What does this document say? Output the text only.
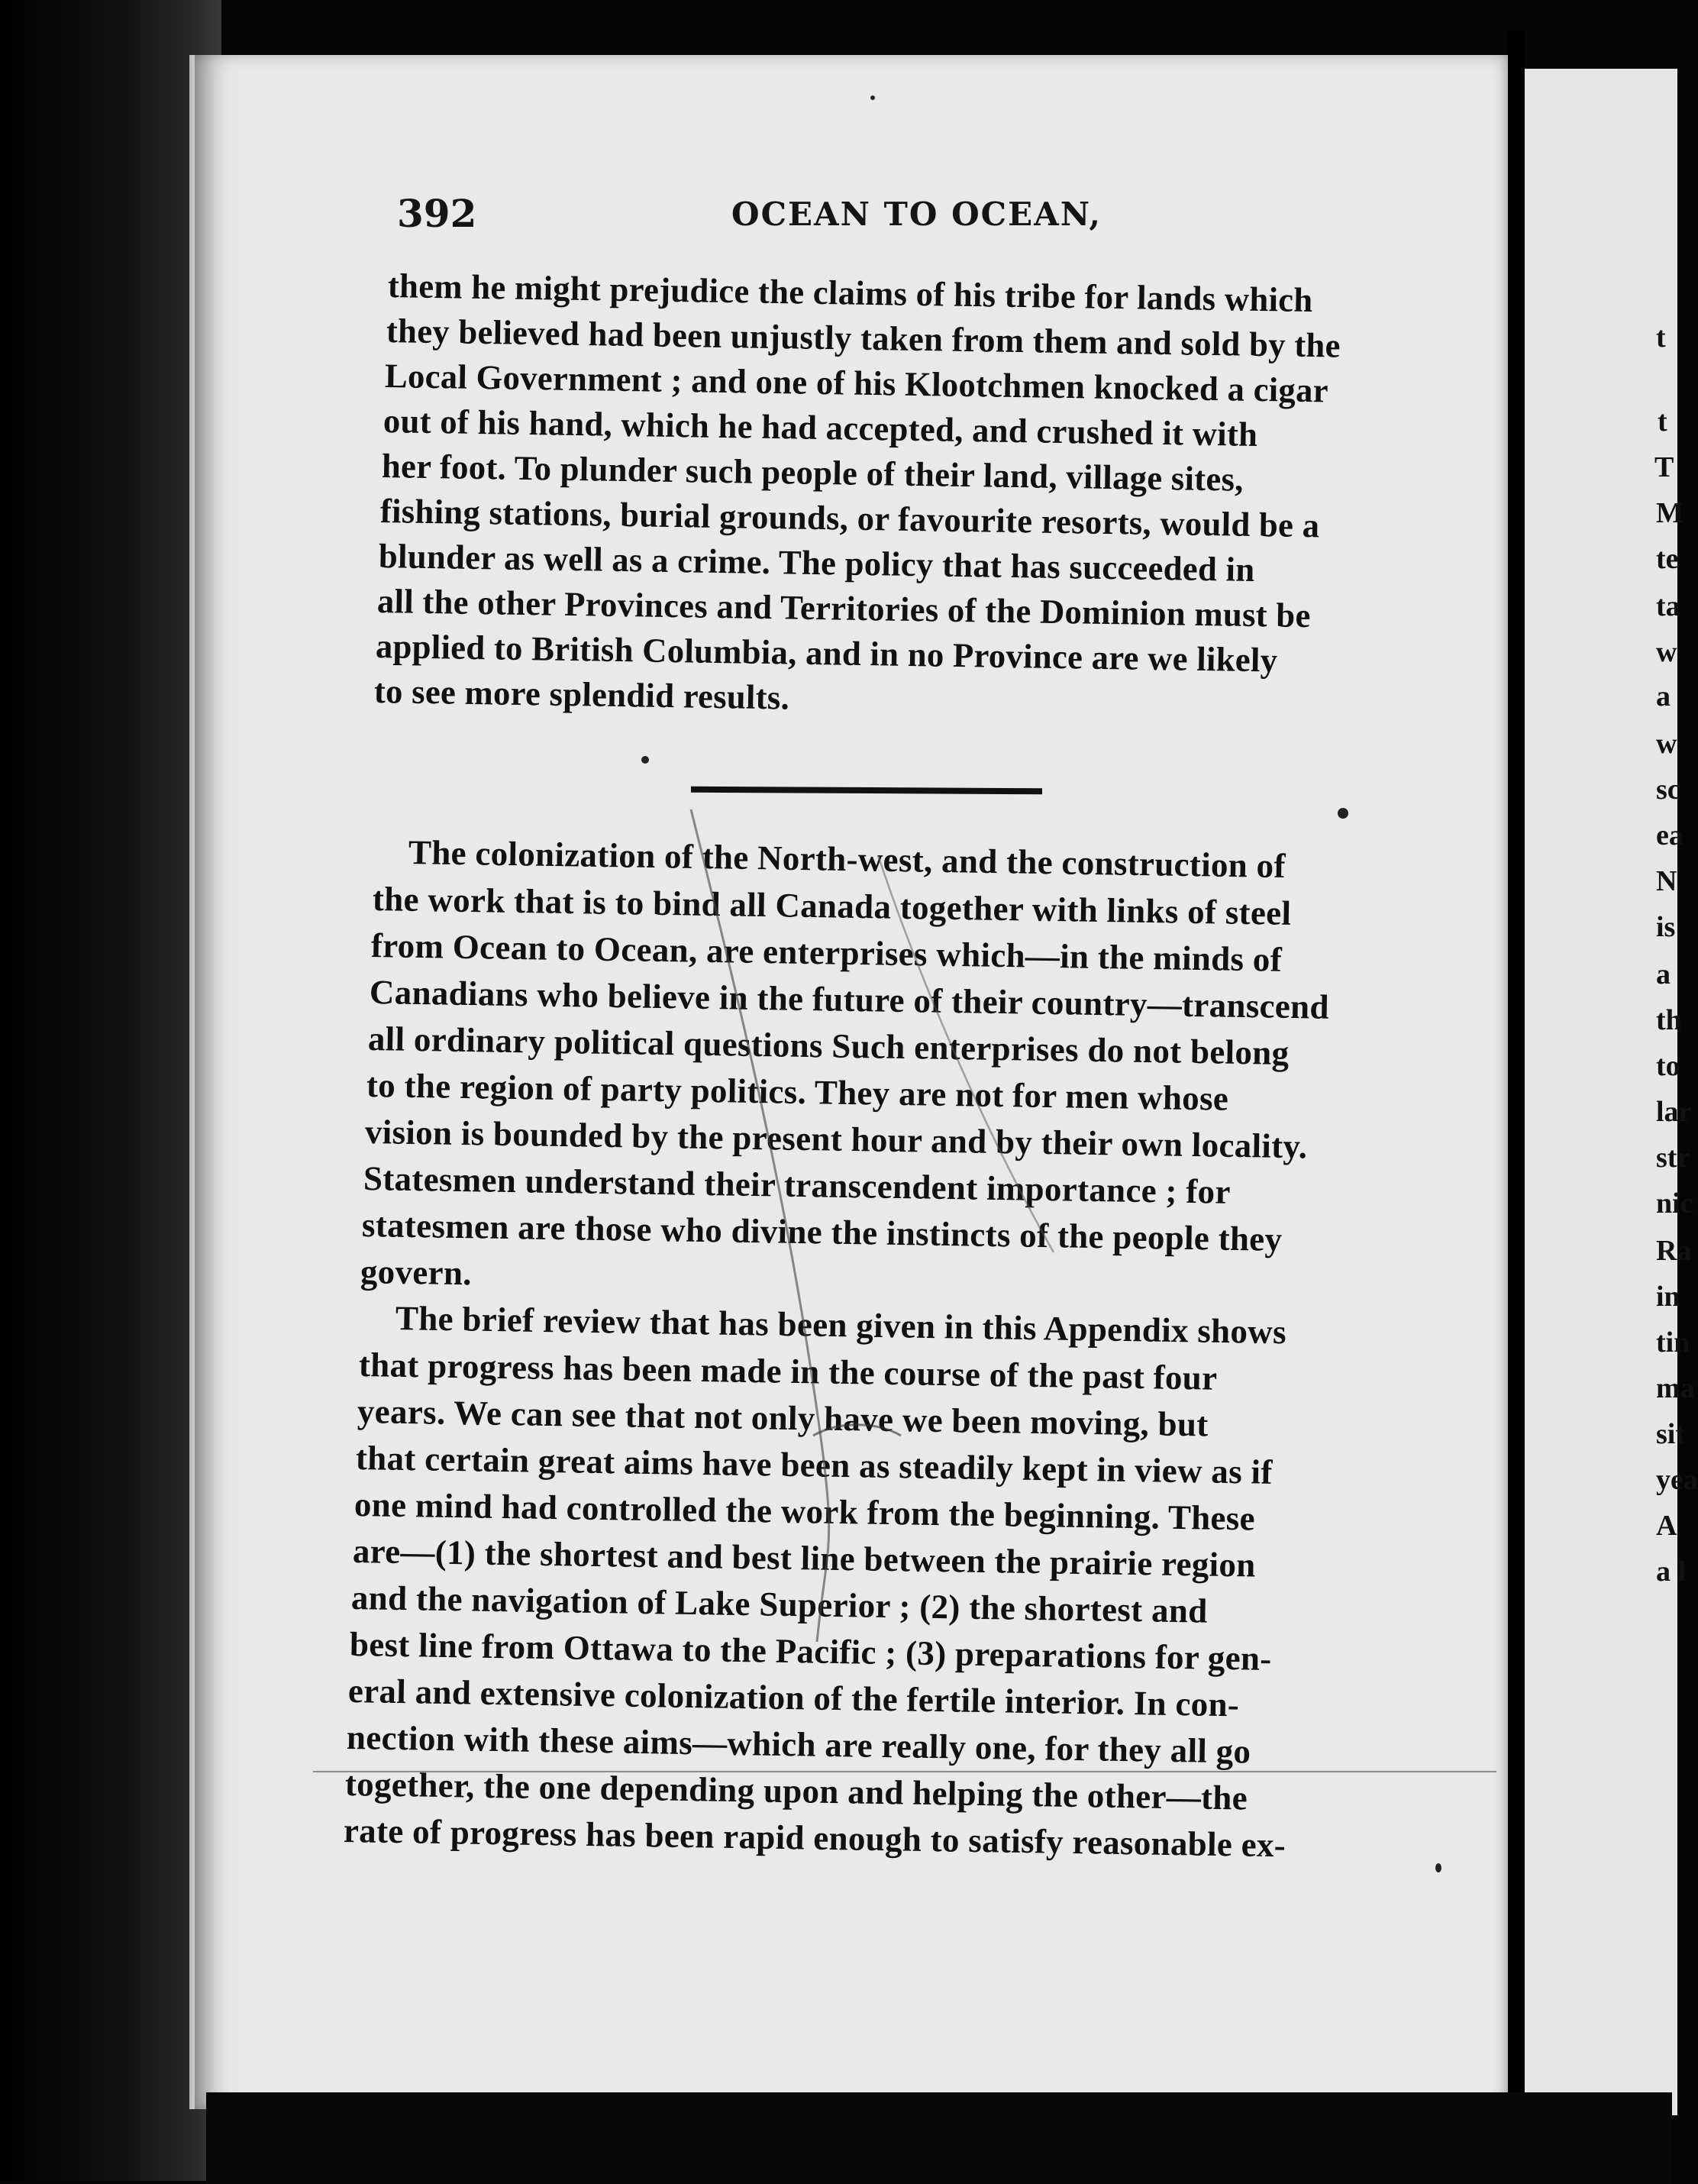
392	OCEAN TO OCEAN,
them he might prejudice the claims of his tribe for lands which
they believed had been unjustly taken from them and sold by the
Local Government ; and one of his Klootchmen knocked a cigar
out of his hand, which he had accepted, and crushed it with
her foot. To plunder such people of their land, village sites,
fishing stations, burial grounds, or favourite resorts, would be a
blunder as well as a crime. The policy that has succeeded in
all the other Provinces and Territories of the Dominion must be
applied to British Columbia, and in no Province are we likely
to see more splendid results.
The colonization of the North-west, and the construction of
the work that is to bind all Canada together with links of steel
from Ocean to Ocean, are enterprises which—in the minds of
Canadians who believe in the future of their country—transcend
all ordinary political questions Such enterprises do not belong
to the region of party politics. They are not for men whose
vision is bounded by the present hour and by their own locality.
Statesmen understand their transcendent importance ; for
statesmen are those who divine the instincts of the people they
govern.
The brief review that has been given in this Appendix shows
that progress has been made in the course of the past four
years. We can see that not only have we been moving, but
that certain great aims have been as steadily kept in view as if
one mind had controlled the work from the beginning. These
are—(1) the shortest and best line between the prairie region
and the navigation of Lake Superior ; (2) the shortest and
best line from Ottawa to the Pacific ; (3) preparations for gen-
eral and extensive colonization of the fertile interior. In con-
nection with these aims—which are really one, for they all go
together, the one depending upon and helping the other—the
rate of progress has been rapid enough to satisfy reasonable ex-
t
t
T
M
te
ta
w
a
w
sc
ea
N
is
a
th
to
lar
str
nic
Ra
in
tin
ma
sit
yea
A
a l
